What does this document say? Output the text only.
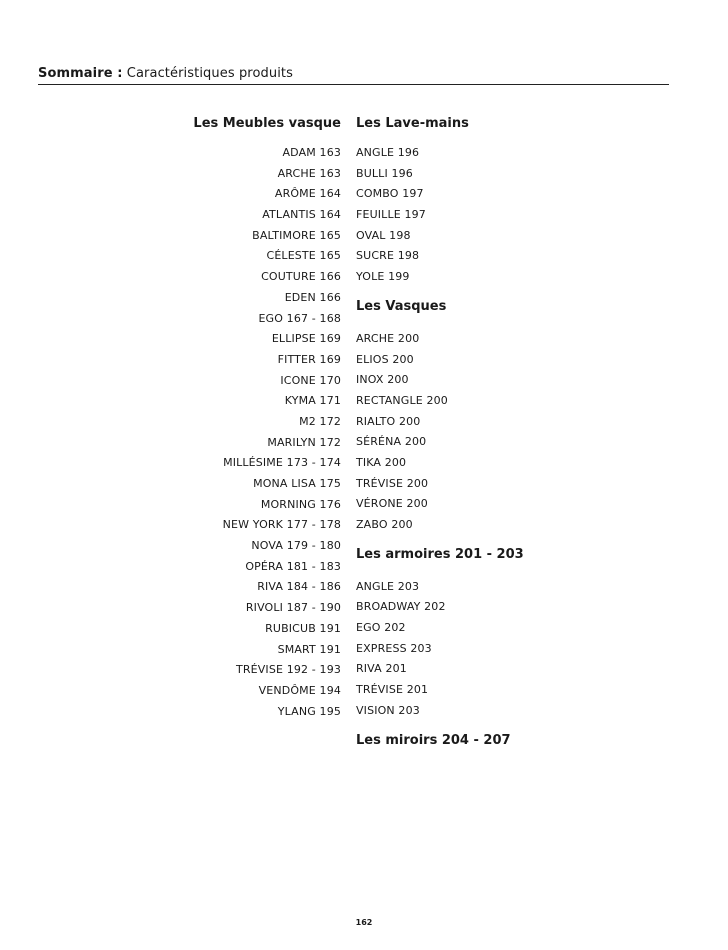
Sommaire : Caractéristiques produits
Les Meubles vasque
ADAM 163
ARCHE 163
ARÔME 164
ATLANTIS 164
BALTIMORE 165
CÉLESTE 165
COUTURE 166
EDEN 166
EGO 167 - 168
ELLIPSE 169
FITTER 169
ICONE 170
KYMA 171
M2 172
MARILYN 172
MILLÉSIME 173 - 174
MONA LISA 175
MORNING 176
NEW YORK 177 - 178
NOVA 179 - 180
OPÉRA 181 - 183
RIVA 184 - 186
RIVOLI 187 - 190
RUBICUB 191
SMART 191
TRÉVISE 192 - 193
VENDÔME 194
YLANG 195
Les Lave-mains
ANGLE 196
BULLI 196
COMBO 197
FEUILLE 197
OVAL 198
SUCRE 198
YOLE 199
Les Vasques
ARCHE 200
ELIOS 200
INOX 200
RECTANGLE 200
RIALTO 200
SÉRÉNA 200
TIKA 200
TRÉVISE 200
VÉRONE 200
ZABO 200
Les armoires 201 - 203
ANGLE 203
BROADWAY 202
EGO 202
EXPRESS 203
RIVA 201
TRÉVISE 201
VISION 203
Les miroirs 204 - 207
162
